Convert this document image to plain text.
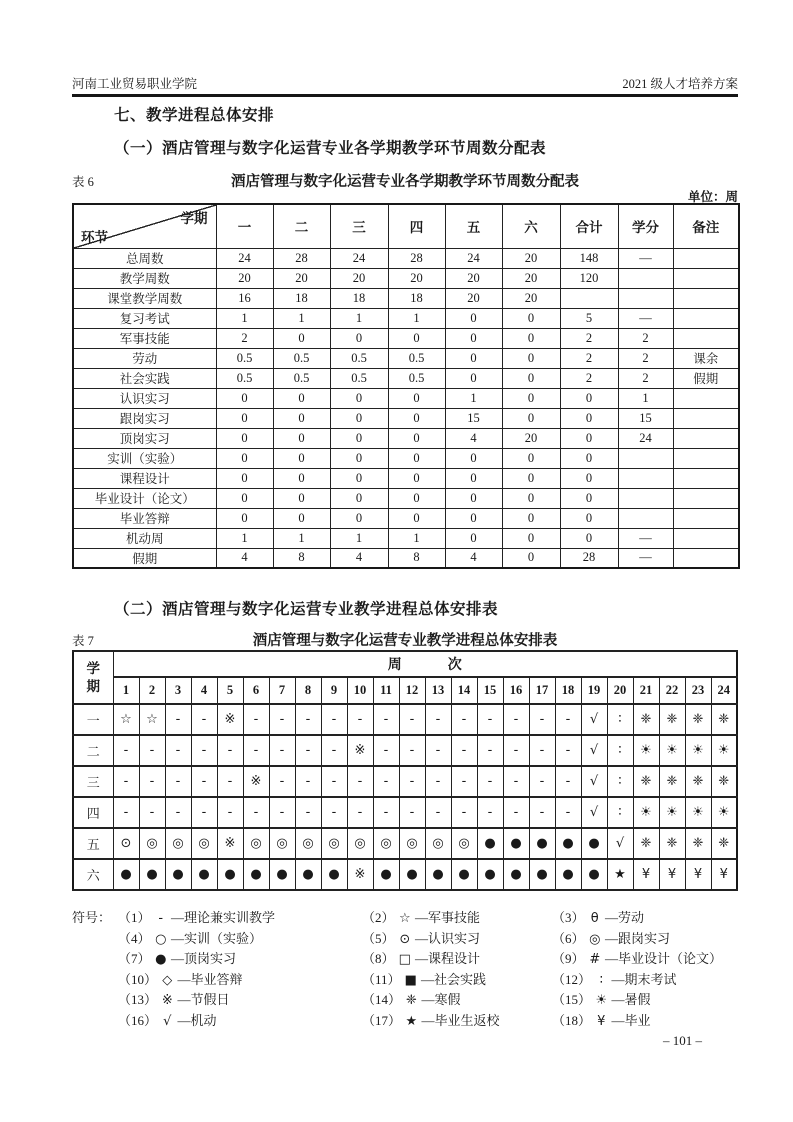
河南工业贸易职业学院	2021 级人才培养方案
七、教学进程总体安排
（一）酒店管理与数字化运营专业各学期教学环节周数分配表
表 6	酒店管理与数字化运营专业各学期教学环节周数分配表
单位：周
学期
环节	一	二	三	四	五	六	合计	学分	备注
总周数	24	28	24	28	24	20	148	—	
教学周数	20	20	20	20	20	20	120		
课堂教学周数	16	18	18	18	20	20			
复习考试	1	1	1	1	0	0	5	—	
军事技能	2	0	0	0	0	0	2	2	
劳动	0.5	0.5	0.5	0.5	0	0	2	2	课余
社会实践	0.5	0.5	0.5	0.5	0	0	2	2	假期
认识实习	0	0	0	0	1	0	0	1	
跟岗实习	0	0	0	0	15	0	0	15	
顶岗实习	0	0	0	0	4	20	0	24	
实训（实验）	0	0	0	0	0	0	0		
课程设计	0	0	0	0	0	0	0		
毕业设计（论文）	0	0	0	0	0	0	0		
毕业答辩	0	0	0	0	0	0	0		
机动周	1	1	1	1	0	0	0	—	
假期	4	8	4	8	4	0	28	—	
（二）酒店管理与数字化运营专业教学进程总体安排表
表 7	酒店管理与数字化运营专业教学进程总体安排表
学期	周 次																							
	1	2	3	4	5	6	7	8	9	10	11	12	13	14	15	16	17	18	19	20	21	22	23	24
一	☆	☆	-	-	※	-	-	-	-	-	-	-	-	-	-	-	-	-	√	∶	❈	❈	❈	❈
二	-	-	-	-	-	-	-	-	-	※	-	-	-	-	-	-	-	-	√	∶	☀	☀	☀	☀
三	-	-	-	-	-	※	-	-	-	-	-	-	-	-	-	-	-	-	√	∶	❈	❈	❈	❈
四	-	-	-	-	-	-	-	-	-	-	-	-	-	-	-	-	-	-	√	∶	☀	☀	☀	☀
五	⊙	◎	◎	◎	※	◎	◎	◎	◎	◎	◎	◎	◎	◎	●	●	●	●	●	√	❈	❈	❈	❈
六	●	●	●	●	●	●	●	●	●	※	●	●	●	●	●	●	●	●	●	★	¥	¥	¥	¥
符号： （1） - —理论兼实训教学	（2） ☆ —军事技能	（3） θ —劳动
（4） ○ —实训（实验）	（5） ⊙ —认识实习	（6） ◎ —跟岗实习
（7） ● —顶岗实习	（8） □ —课程设计	（9） # —毕业设计（论文）
（10） ◇ —毕业答辩	（11） ■ —社会实践	（12） ∶ —期末考试
（13） ※ —节假日	（14） ❈ —寒假	（15） ☀ —暑假
（16） √ —机动	（17） ★ —毕业生返校	（18） ¥ —毕业
– 101 –
